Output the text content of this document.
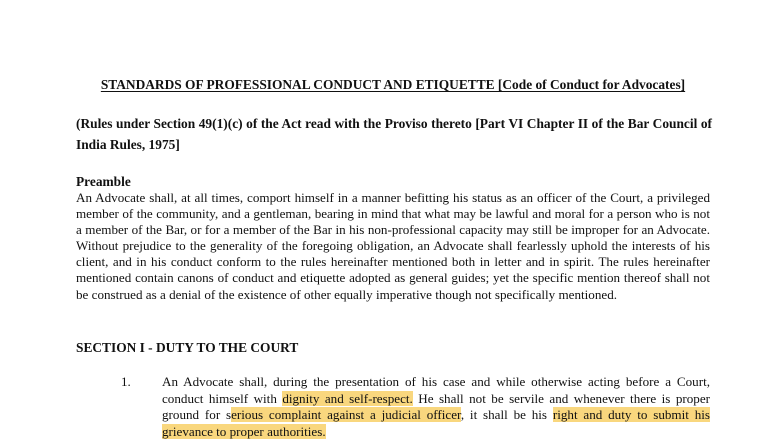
STANDARDS OF PROFESSIONAL CONDUCT AND ETIQUETTE [Code of Conduct for Advocates]
(Rules under Section 49(1)(c) of the Act read with the Proviso thereto [Part VI Chapter II of the Bar Council of India Rules, 1975]
Preamble
An Advocate shall, at all times, comport himself in a manner befitting his status as an officer of the Court, a privileged member of the community, and a gentleman, bearing in mind that what may be lawful and moral for a person who is not a member of the Bar, or for a member of the Bar in his non-professional capacity may still be improper for an Advocate. Without prejudice to the generality of the foregoing obligation, an Advocate shall fearlessly uphold the interests of his client, and in his conduct conform to the rules hereinafter mentioned both in letter and in spirit. The rules hereinafter mentioned contain canons of conduct and etiquette adopted as general guides; yet the specific mention thereof shall not be construed as a denial of the existence of other equally imperative though not specifically mentioned.
SECTION I - DUTY TO THE COURT
1. An Advocate shall, during the presentation of his case and while otherwise acting before a Court, conduct himself with dignity and self-respect. He shall not be servile and whenever there is proper ground for serious complaint against a judicial officer, it shall be his right and duty to submit his grievance to proper authorities.
